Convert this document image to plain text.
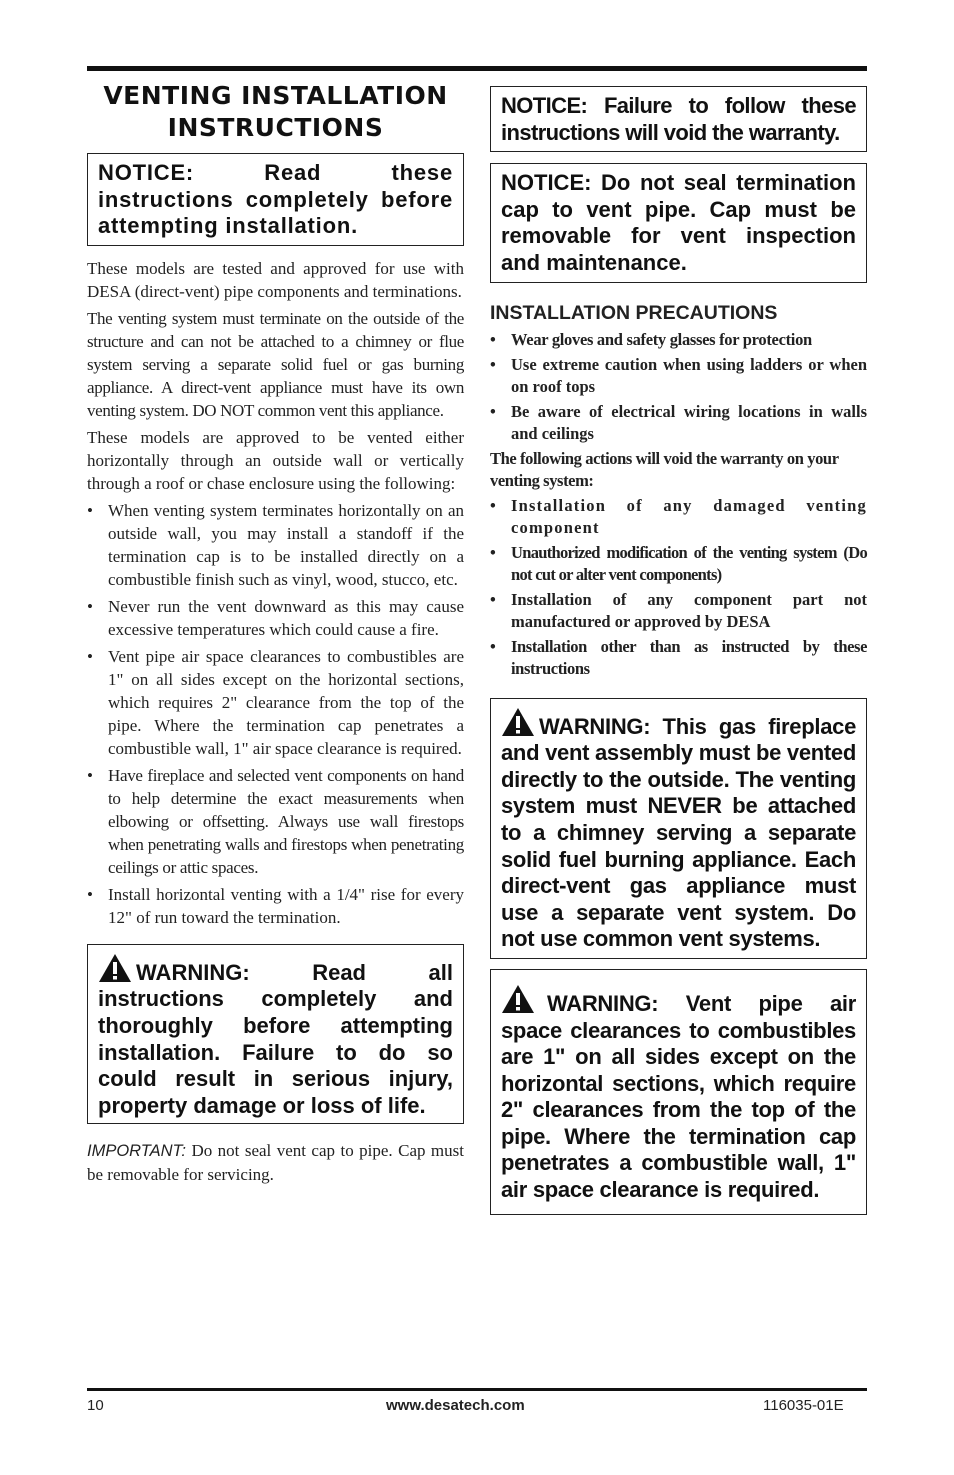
VENTING INSTALLATION
INSTRUCTIONS
NOTICE: Read these instructions completely before attempting installation.

These models are tested and approved for use with DESA (direct-vent) pipe components and terminations.

The venting system must terminate on the outside of the structure and can not be attached to a chimney or flue system serving a separate solid fuel or gas burning appliance. A direct-vent appliance must have its own venting system. DO NOT common vent this appliance.

These models are approved to be vented either horizontally through an outside wall or vertically through a roof or chase enclosure using the following:

• When venting system terminates horizontally on an outside wall, you may install a standoff if the termination cap is to be installed directly on a combustible finish such as vinyl, wood, stucco, etc.
• Never run the vent downward as this may cause excessive temperatures which could cause a fire.
• Vent pipe air space clearances to combustibles are 1" on all sides except on the horizontal sections, which requires 2" clearance from the top of the pipe. Where the termination cap penetrates a combustible wall, 1" air space clearance is required.
• Have fireplace and selected vent components on hand to help determine the exact measurements when elbowing or offsetting. Always use wall firestops when penetrating walls and firestops when penetrating ceilings or attic spaces.
• Install horizontal venting with a 1/4" rise for every 12" of run toward the termination.
WARNING: Read all instructions completely and thoroughly before attempting installation. Failure to do so could result in serious injury, property damage or loss of life.

IMPORTANT: Do not seal vent cap to pipe. Cap must be removable for servicing.

NOTICE: Failure to follow these instructions will void the warranty.
NOTICE: Do not seal termination cap to vent pipe. Cap must be removable for vent inspection and maintenance.
INSTALLATION PRECAUTIONS
• Wear gloves and safety glasses for protection
• Use extreme caution when using ladders or when on roof tops
• Be aware of electrical wiring locations in walls and ceilings

The following actions will void the warranty on your venting system:

• Installation of any damaged venting component
• Unauthorized modification of the venting system (Do not cut or alter vent components)
• Installation of any component part not manufactured or approved by DESA
• Installation other than as instructed by these instructions
WARNING: This gas fireplace and vent assembly must be vented directly to the outside. The venting system must NEVER be attached to a chimney serving a separate solid fuel burning appliance. Each direct-vent gas appliance must use a separate vent system. Do not use common vent systems.
WARNING: Vent pipe air space clearances to combustibles are 1" on all sides except on the horizontal sections, which require 2" clearances from the top of the pipe. Where the termination cap penetrates a combustible wall, 1" air space clearance is required.
10	www.desatech.com	116035-01E
